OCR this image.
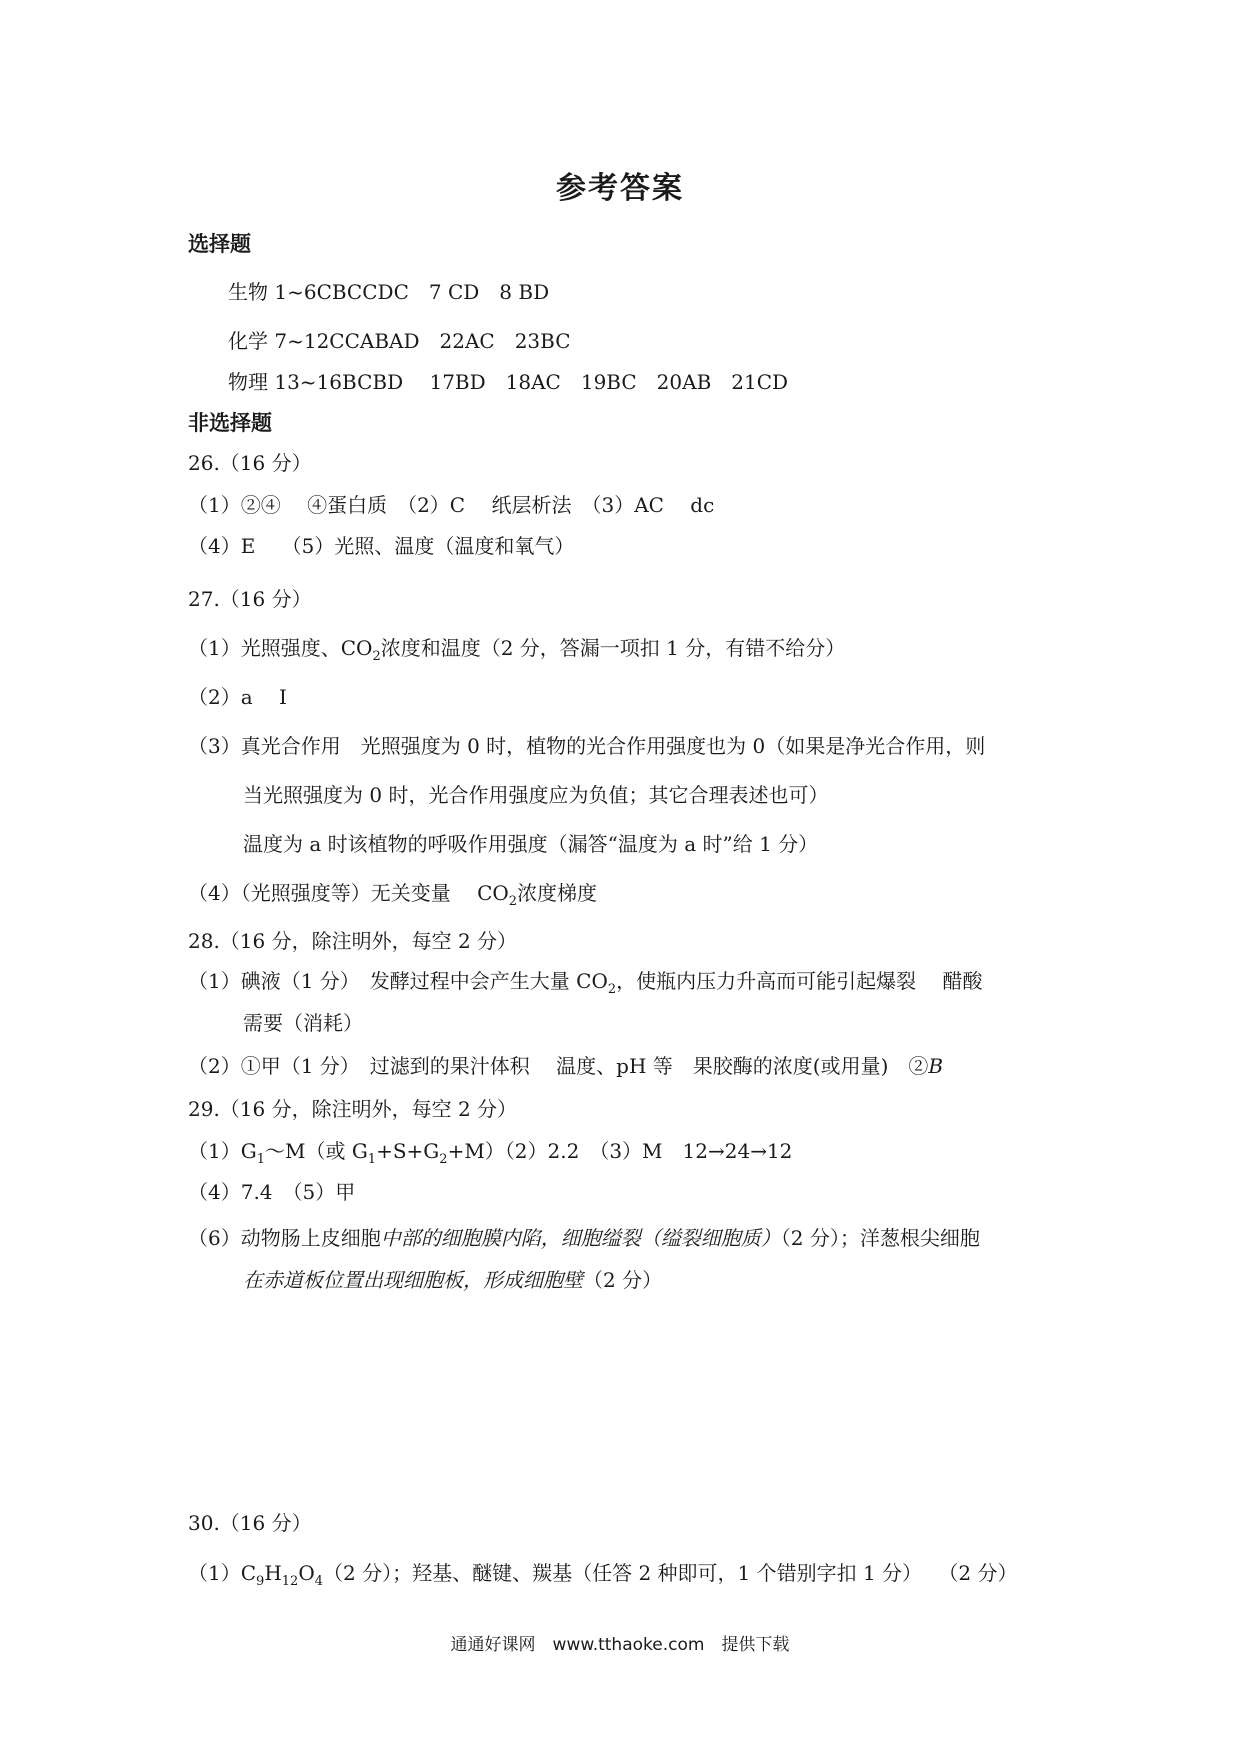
参考答案
选择题
生物 1~6CBCCDC　7 CD　8 BD
化学 7~12CCABAD　22AC　23BC
物理 13~16BCBD　 17BD　18AC　19BC　20AB　21CD
非选择题
26.（16 分）
（1）②④　 ④蛋白质　（2）C　 纸层析法　（3）AC　 dc
（4）E　 （5）光照、温度（温度和氧气）
27.（16 分）
（1）光照强度、$CO_2$浓度和温度（2 分，答漏一项扣 1 分，有错不给分）
（2）a　 I
（3）真光合作用　光照强度为 0 时，植物的光合作用强度也为 0（如果是净光合作用，则
当光照强度为 0 时，光合作用强度应为负值；其它合理表述也可）
温度为 a 时该植物的呼吸作用强度（漏答“温度为 a 时”给 1 分）
（4）（光照强度等）无关变量　 $CO_2$浓度梯度
28.（16 分，除注明外，每空 2 分）
（1）碘液（1 分）　发酵过程中会产生大量 $CO_2$，使瓶内压力升高而可能引起爆裂　 醋酸
需要（消耗）
（2）①甲（1 分）　过滤到的果汁体积　 温度、pH 等　果胶酶的浓度(或用量)　②B
29.（16 分，除注明外，每空 2 分）
$(1)G_1\sim M$（或 $G_1+S+G_2+M)(2)2.2$　（3）M　12→24→12
（4）7.4　（5）甲
（6）动物肠上皮细胞中部的细胞膜内陷，细胞缢裂（缢裂细胞质）（2 分）；洋葱根尖细胞
在赤道板位置出现细胞板，形成细胞壁（2 分）
30.（16 分）
$(1)C_9H_{12}O_4(2$ 分）；羟基、醚键、羰基（任答 2 种即可，1 个错别字扣 1 分）　 （2 分）
通通好课网　www.tthaoke.com　提供下载
